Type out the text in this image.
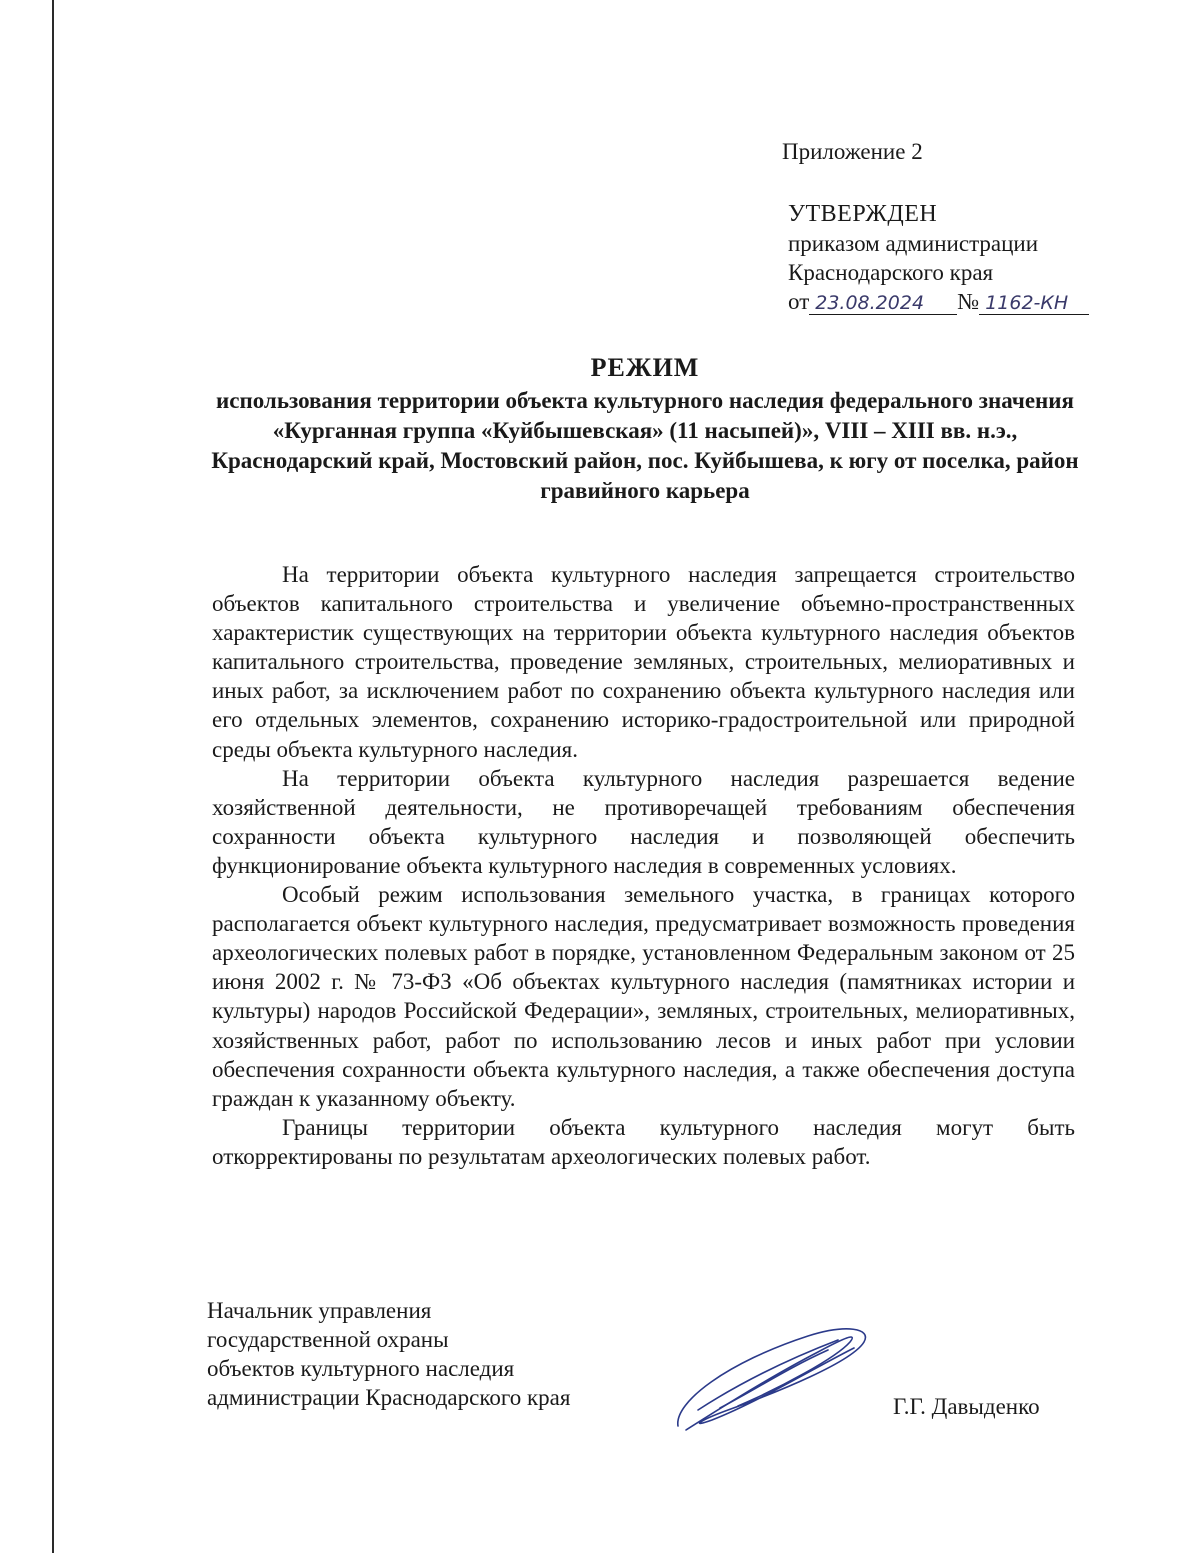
Приложение 2
УТВЕРЖДЕН
приказом администрации
Краснодарского края
от 23.08.2024	№ 1162-КН
РЕЖИМ
использования территории объекта культурного наследия федерального значения «Курганная группа «Куйбышевская» (11 насыпей)», VIII – XIII вв. н.э., Краснодарский край, Мостовский район, пос. Куйбышева, к югу от поселка, район гравийного карьера

На территории объекта культурного наследия запрещается строительство объектов капитального строительства и увеличение объемно-пространственных характеристик существующих на территории объекта культурного наследия объектов капитального строительства, проведение земляных, строительных, мелиоративных и иных работ, за исключением работ по сохранению объекта культурного наследия или его отдельных элементов, сохранению историко-градостроительной или природной среды объекта культурного наследия.

На территории объекта культурного наследия разрешается ведение хозяйственной деятельности, не противоречащей требованиям обеспечения сохранности объекта культурного наследия и позволяющей обеспечить функционирование объекта культурного наследия в современных условиях.

Особый режим использования земельного участка, в границах которого располагается объект культурного наследия, предусматривает возможность проведения археологических полевых работ в порядке, установленном Федеральным законом от 25 июня 2002 г. № 73-ФЗ «Об объектах культурного наследия (памятниках истории и культуры) народов Российской Федерации», земляных, строительных, мелиоративных, хозяйственных работ, работ по использованию лесов и иных работ при условии обеспечения сохранности объекта культурного наследия, а также обеспечения доступа граждан к указанному объекту.

Границы территории объекта культурного наследия могут быть откорректированы по результатам археологических полевых работ.

Начальник управления
государственной охраны
объектов культурного наследия
администрации Краснодарского края	Г.Г. Давыденко
